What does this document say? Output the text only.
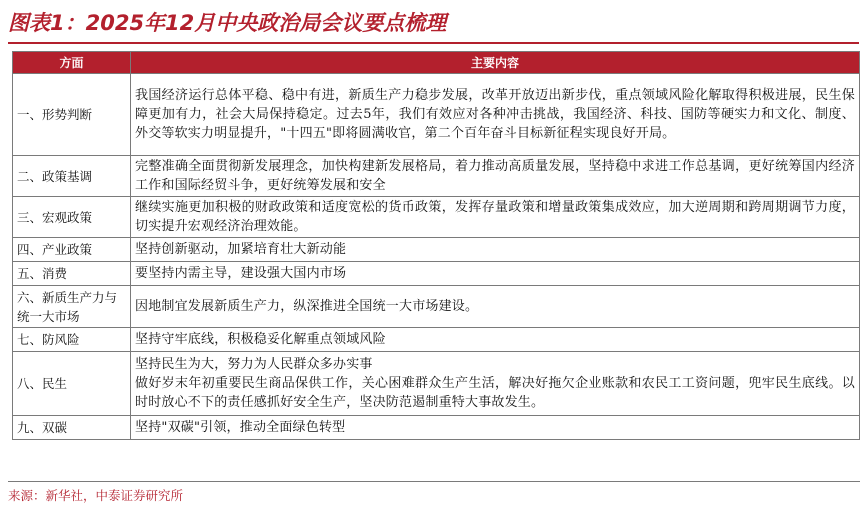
图表1：2025年12月中央政治局会议要点梳理
方面	主要内容
一、形势判断	我国经济运行总体平稳、稳中有进，新质生产力稳步发展，改革开放迈出新步伐，重点领域风险化解取得积极进展，民生保障更加有力，社会大局保持稳定。过去5年，我们有效应对各种冲击挑战，我国经济、科技、国防等硬实力和文化、制度、外交等软实力明显提升，"十四五"即将圆满收官，第二个百年奋斗目标新征程实现良好开局。
二、政策基调	完整准确全面贯彻新发展理念，加快构建新发展格局，着力推动高质量发展，坚持稳中求进工作总基调，更好统筹国内经济工作和国际经贸斗争，更好统筹发展和安全
三、宏观政策	继续实施更加积极的财政政策和适度宽松的货币政策，发挥存量政策和增量政策集成效应，加大逆周期和跨周期调节力度，切实提升宏观经济治理效能。
四、产业政策	坚持创新驱动，加紧培育壮大新动能
五、消费	要坚持内需主导，建设强大国内市场
六、新质生产力与统一大市场	因地制宜发展新质生产力，纵深推进全国统一大市场建设。
七、防风险	坚持守牢底线，积极稳妥化解重点领域风险
八、民生	坚持民生为大，努力为人民群众多办实事
做好岁末年初重要民生商品保供工作，关心困难群众生产生活，解决好拖欠企业账款和农民工工资问题，兜牢民生底线。以时时放心不下的责任感抓好安全生产，坚决防范遏制重特大事故发生。
九、双碳	坚持"双碳"引领，推动全面绿色转型
来源：新华社，中泰证券研究所
